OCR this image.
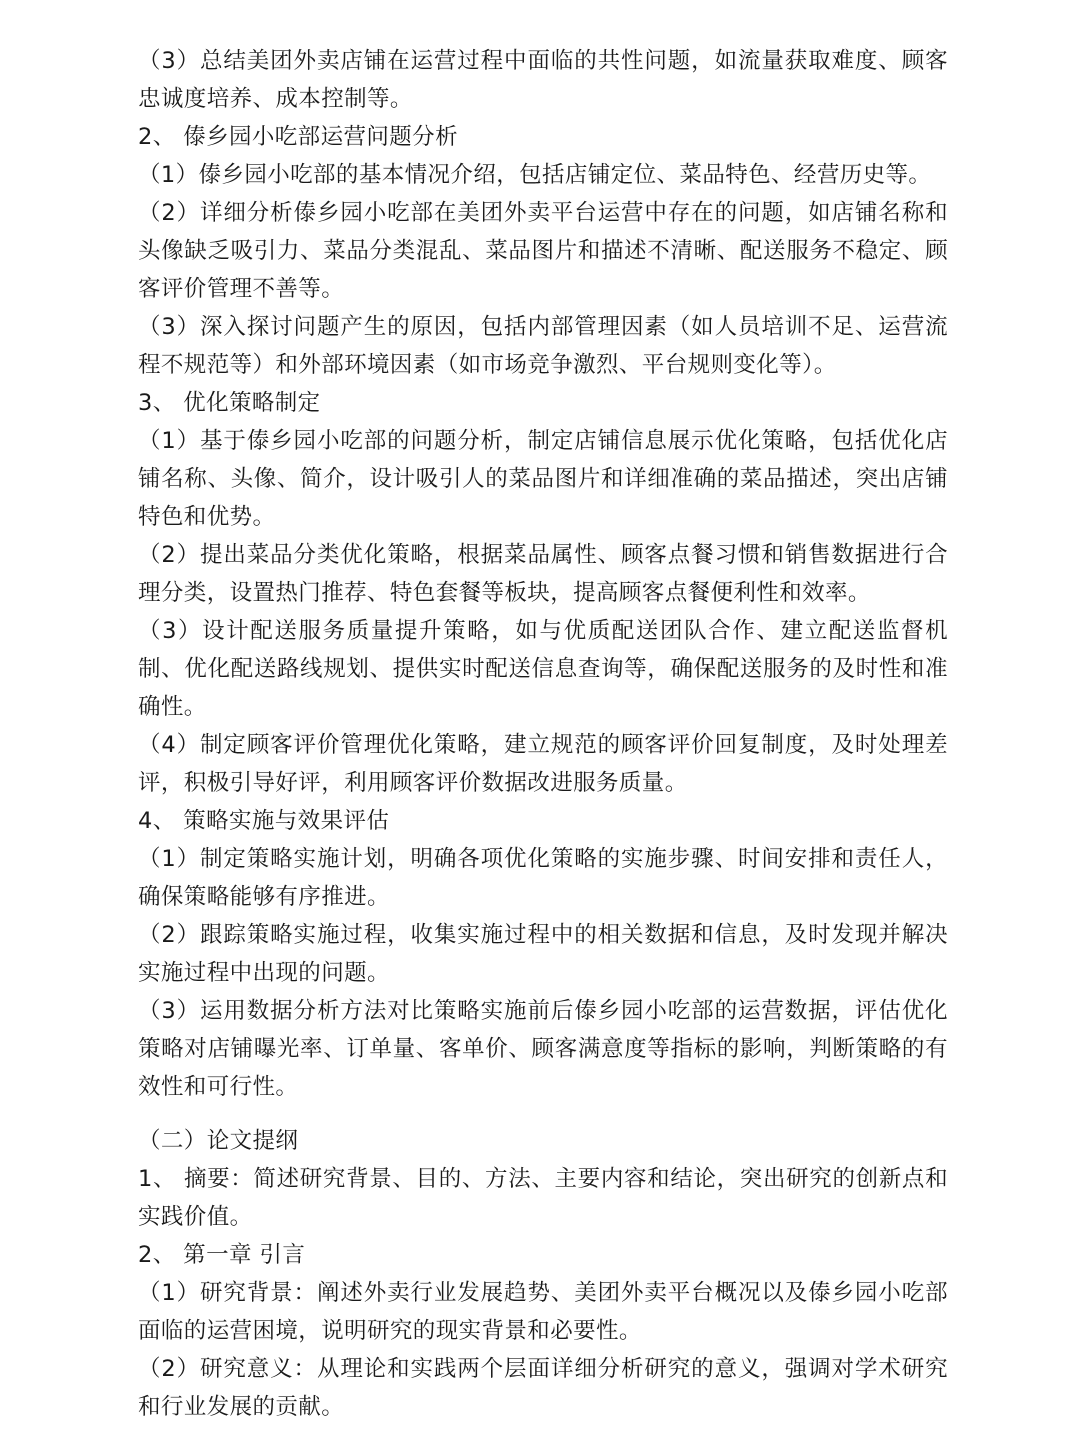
（3）总结美团外卖店铺在运营过程中面临的共性问题，如流量获取难度、顾客忠诚度培养、成本控制等。

2、 傣乡园小吃部运营问题分析

（1）傣乡园小吃部的基本情况介绍，包括店铺定位、菜品特色、经营历史等。

（2）详细分析傣乡园小吃部在美团外卖平台运营中存在的问题，如店铺名称和头像缺乏吸引力、菜品分类混乱、菜品图片和描述不清晰、配送服务不稳定、顾客评价管理不善等。

（3）深入探讨问题产生的原因，包括内部管理因素（如人员培训不足、运营流程不规范等）和外部环境因素（如市场竞争激烈、平台规则变化等）。

3、 优化策略制定

（1）基于傣乡园小吃部的问题分析，制定店铺信息展示优化策略，包括优化店铺名称、头像、简介，设计吸引人的菜品图片和详细准确的菜品描述，突出店铺特色和优势。

（2）提出菜品分类优化策略，根据菜品属性、顾客点餐习惯和销售数据进行合理分类，设置热门推荐、特色套餐等板块，提高顾客点餐便利性和效率。

（3）设计配送服务质量提升策略，如与优质配送团队合作、建立配送监督机制、优化配送路线规划、提供实时配送信息查询等，确保配送服务的及时性和准确性。

（4）制定顾客评价管理优化策略，建立规范的顾客评价回复制度，及时处理差评，积极引导好评，利用顾客评价数据改进服务质量。

4、 策略实施与效果评估

（1）制定策略实施计划，明确各项优化策略的实施步骤、时间安排和责任人，确保策略能够有序推进。

（2）跟踪策略实施过程，收集实施过程中的相关数据和信息，及时发现并解决实施过程中出现的问题。

（3）运用数据分析方法对比策略实施前后傣乡园小吃部的运营数据，评估优化策略对店铺曝光率、订单量、客单价、顾客满意度等指标的影响，判断策略的有效性和可行性。

（二）论文提纲

1、 摘要：简述研究背景、目的、方法、主要内容和结论，突出研究的创新点和实践价值。

2、 第一章 引言

（1）研究背景：阐述外卖行业发展趋势、美团外卖平台概况以及傣乡园小吃部面临的运营困境，说明研究的现实背景和必要性。

（2）研究意义：从理论和实践两个层面详细分析研究的意义，强调对学术研究和行业发展的贡献。
